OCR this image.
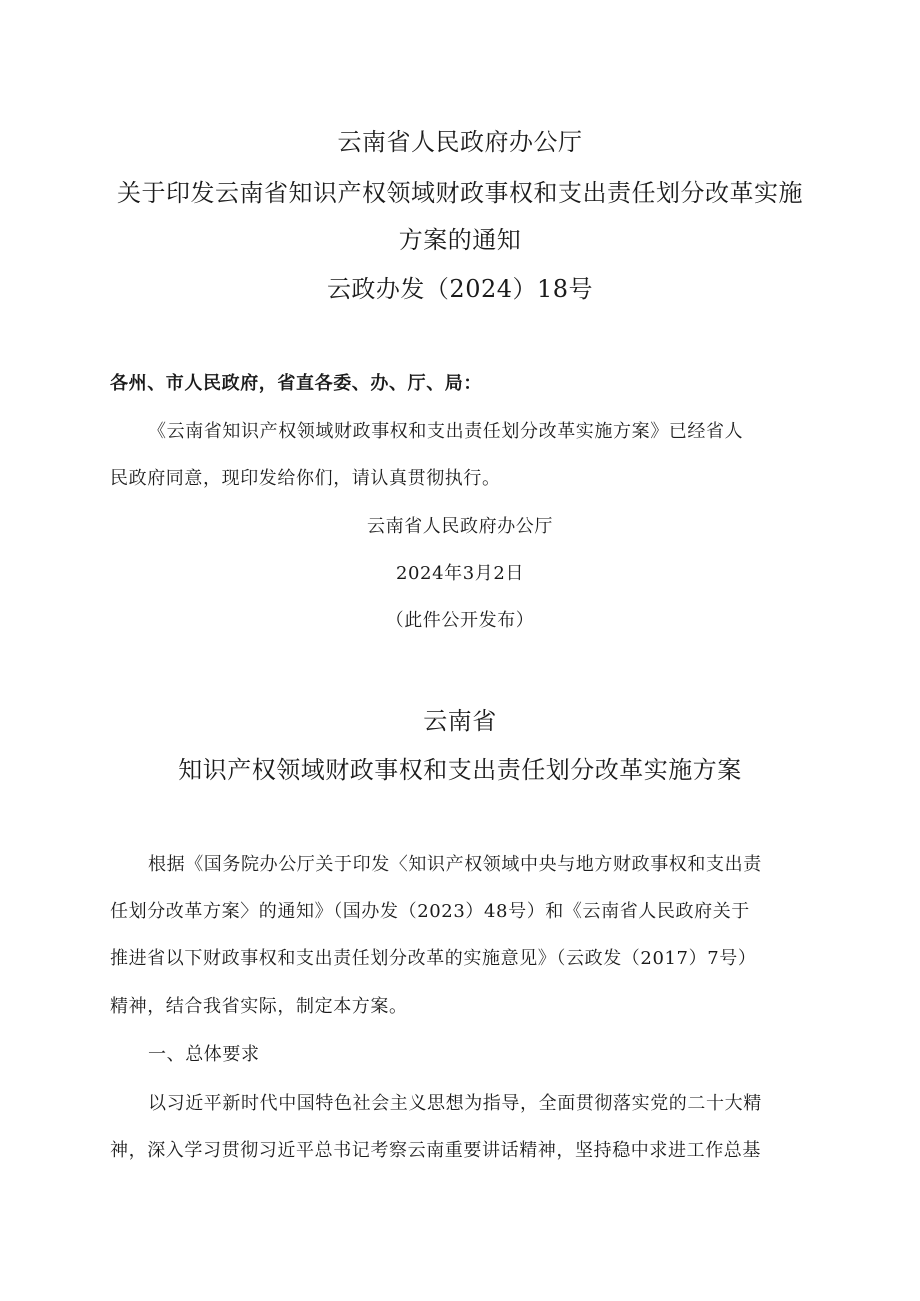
云南省人民政府办公厅
关于印发云南省知识产权领域财政事权和支出责任划分改革实施
方案的通知
云政办发（2024）18号
各州、市人民政府，省直各委、办、厅、局：
《云南省知识产权领域财政事权和支出责任划分改革实施方案》已经省人
民政府同意，现印发给你们，请认真贯彻执行。
云南省人民政府办公厅
2024年3月2日
（此件公开发布）
云南省
知识产权领域财政事权和支出责任划分改革实施方案
根据《国务院办公厅关于印发〈知识产权领域中央与地方财政事权和支出责
任划分改革方案〉的通知》（国办发（2023）48号）和《云南省人民政府关于
推进省以下财政事权和支出责任划分改革的实施意见》（云政发（2017）7号）
精神，结合我省实际，制定本方案。
一、总体要求
以习近平新时代中国特色社会主义思想为指导，全面贯彻落实党的二十大精
神，深入学习贯彻习近平总书记考察云南重要讲话精神，坚持稳中求进工作总基
